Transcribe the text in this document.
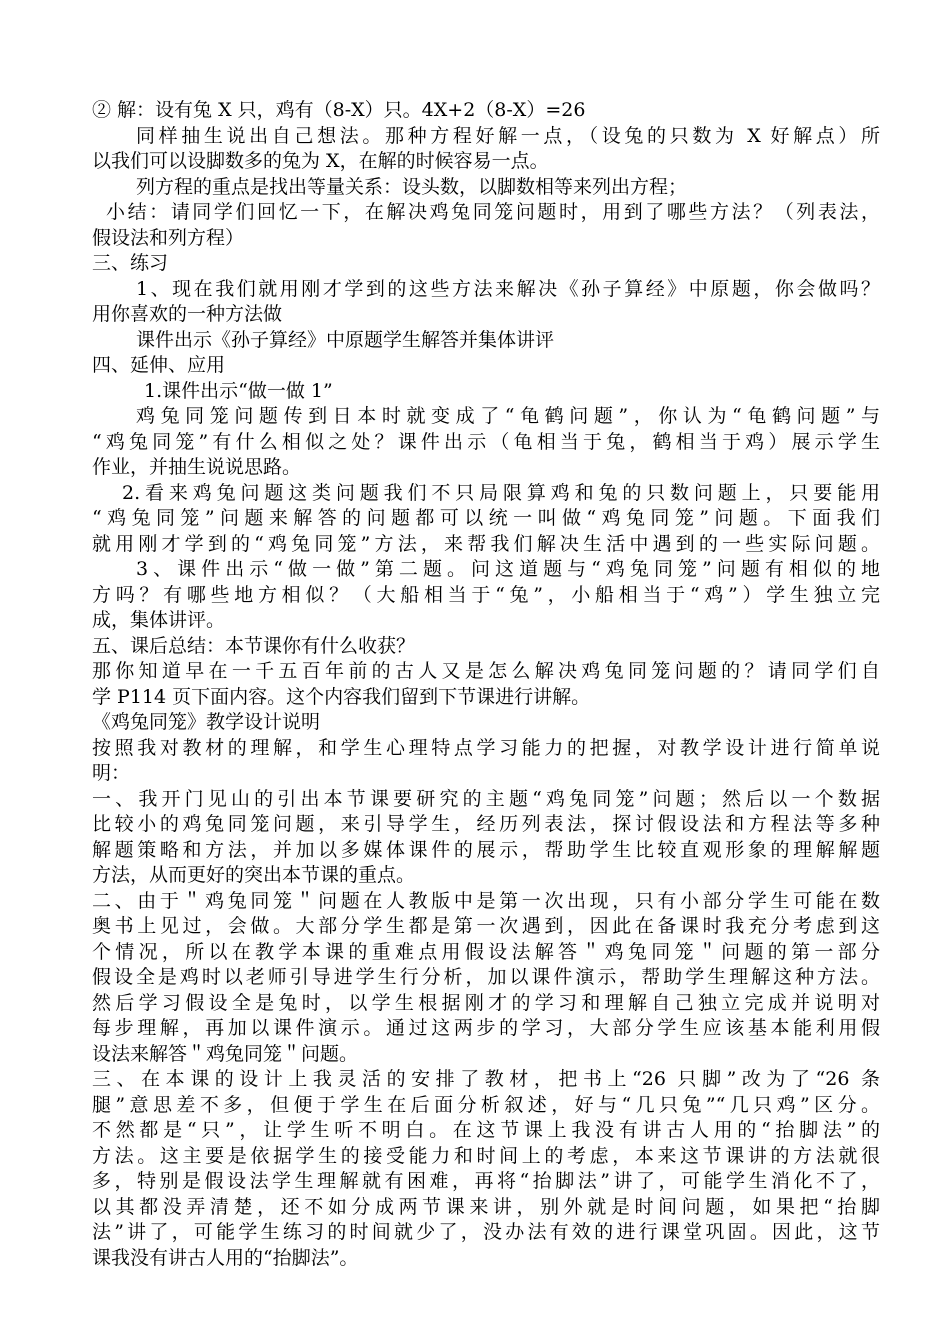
② 解：设有兔 X 只，鸡有（8-X）只。4X+2（8-X）=26
同样抽生说出自己想法。那种方程好解一点，（设兔的只数为 X 好解点）所
以我们可以设脚数多的兔为 X，在解的时候容易一点。
列方程的重点是找出等量关系：设头数，以脚数相等来列出方程；
小结：请同学们回忆一下，在解决鸡兔同笼问题时，用到了哪些方法？（列表法，
假设法和列方程）
三、练习
1、现在我们就用刚才学到的这些方法来解决《孙子算经》中原题，你会做吗？
用你喜欢的一种方法做
课件出示《孙子算经》中原题学生解答并集体讲评
四、延伸、应用
1.课件出示“做一做 1”
鸡兔同笼问题传到日本时就变成了“龟鹤问题”，你认为“龟鹤问题”与
“鸡兔同笼”有什么相似之处？课件出示（龟相当于兔，鹤相当于鸡）展示学生
作业，并抽生说说思路。
2.看来鸡兔问题这类问题我们不只局限算鸡和兔的只数问题上，只要能用
“鸡兔同笼”问题来解答的问题都可以统一叫做“鸡兔同笼”问题。下面我们
就用刚才学到的“鸡兔同笼”方法，来帮我们解决生活中遇到的一些实际问题。
3、课件出示“做一做”第二题。问这道题与“鸡兔同笼”问题有相似的地
方吗？有哪些地方相似？（大船相当于“兔”，小船相当于“鸡”）学生独立完
成，集体讲评。
五、课后总结：本节课你有什么收获？
那你知道早在一千五百年前的古人又是怎么解决鸡兔同笼问题的？请同学们自
学 P114 页下面内容。这个内容我们留到下节课进行讲解。
《鸡兔同笼》教学设计说明
按照我对教材的理解，和学生心理特点学习能力的把握，对教学设计进行简单说
明：
一、我开门见山的引出本节课要研究的主题“鸡兔同笼”问题；然后以一个数据
比较小的鸡兔同笼问题，来引导学生，经历列表法，探讨假设法和方程法等多种
解题策略和方法，并加以多媒体课件的展示，帮助学生比较直观形象的理解解题
方法，从而更好的突出本节课的重点。
二、由于＂鸡兔同笼＂问题在人教版中是第一次出现，只有小部分学生可能在数
奥书上见过，会做。大部分学生都是第一次遇到，因此在备课时我充分考虑到这
个情况，所以在教学本课的重难点用假设法解答＂鸡兔同笼＂问题的第一部分
假设全是鸡时以老师引导进学生行分析，加以课件演示，帮助学生理解这种方法。
然后学习假设全是兔时，以学生根据刚才的学习和理解自己独立完成并说明对
每步理解，再加以课件演示。通过这两步的学习，大部分学生应该基本能利用假
设法来解答＂鸡兔同笼＂问题。
三、在本课的设计上我灵活的安排了教材，把书上“26 只脚”改为了“26 条
腿”意思差不多，但便于学生在后面分析叙述，好与“几只兔”“几只鸡”区分。
不然都是“只”，让学生听不明白。在这节课上我没有讲古人用的“抬脚法”的
方法。这主要是依据学生的接受能力和时间上的考虑，本来这节课讲的方法就很
多，特别是假设法学生理解就有困难，再将“抬脚法”讲了，可能学生消化不了，
以其都没弄清楚，还不如分成两节课来讲，别外就是时间问题，如果把“抬脚
法”讲了，可能学生练习的时间就少了，没办法有效的进行课堂巩固。因此，这节
课我没有讲古人用的“抬脚法”。
